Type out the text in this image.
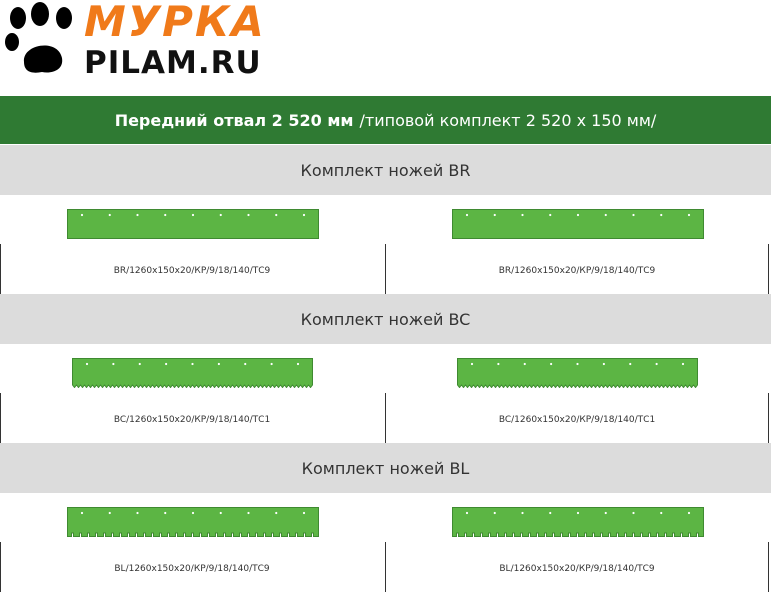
МУРКА
PILAM.RU
Передний отвал 2 520 мм /типовой комплект 2 520 x 150 мм/
Комплект ножей BR
BR/1260x150x20/КР/9/18/140/ТС9	BR/1260x150x20/КР/9/18/140/ТС9
Комплект ножей BC
BC/1260x150x20/КР/9/18/140/ТС1	BC/1260x150x20/КР/9/18/140/ТС1
Комплект ножей BL
BL/1260x150x20/КР/9/18/140/ТС9	BL/1260x150x20/КР/9/18/140/ТС9
